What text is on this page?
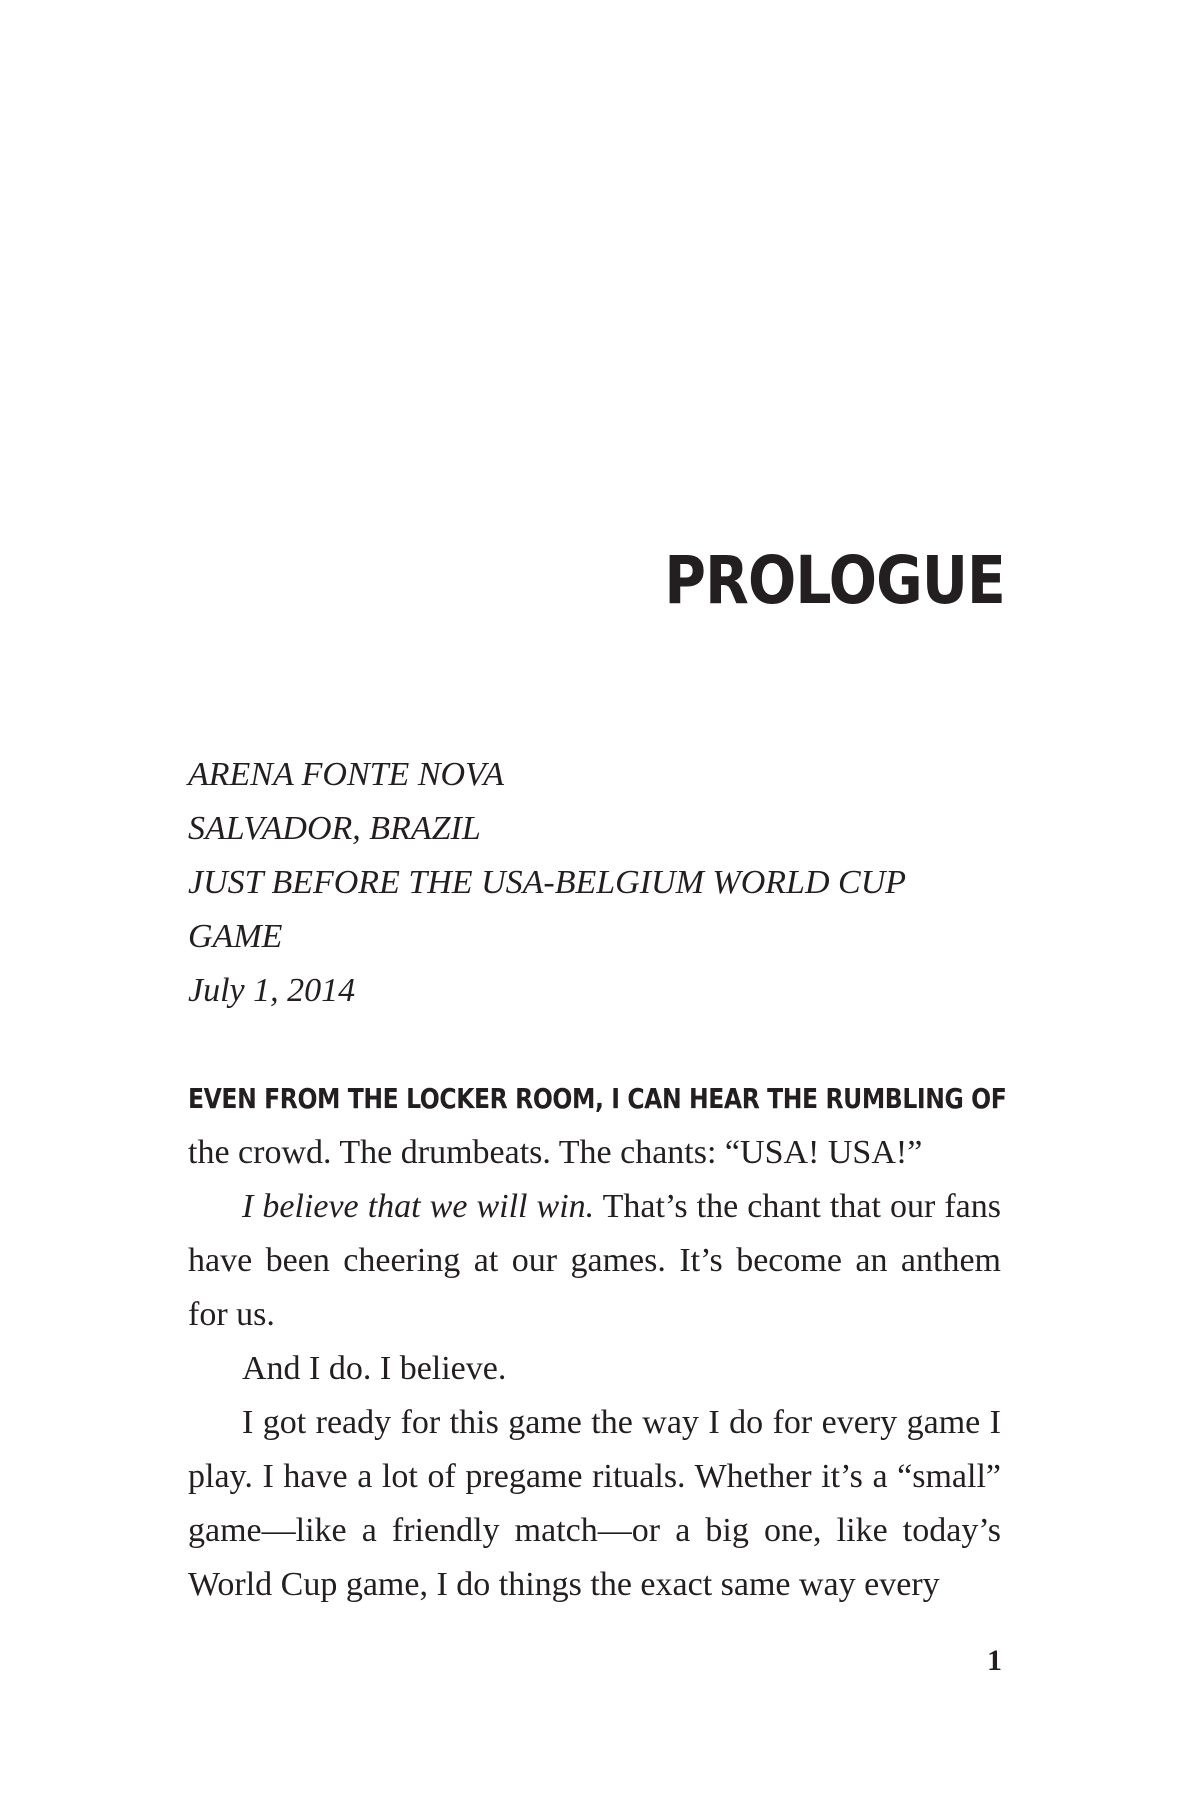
PROLOGUE
ARENA FONTE NOVA
SALVADOR, BRAZIL
JUST BEFORE THE USA-BELGIUM WORLD CUP
GAME
July 1, 2014

EVEN FROM THE LOCKER ROOM, I CAN HEAR THE RUMBLING OF
the crowd. The drumbeats. The chants: “USA! USA!”

I believe that we will win. That’s the chant that our fans have been cheering at our games. It’s become an anthem for us.

And I do. I believe.

I got ready for this game the way I do for every game I play. I have a lot of pregame rituals. Whether it’s a “small” game—like a friendly match—or a big one, like today’s World Cup game, I do things the exact same way every

1
